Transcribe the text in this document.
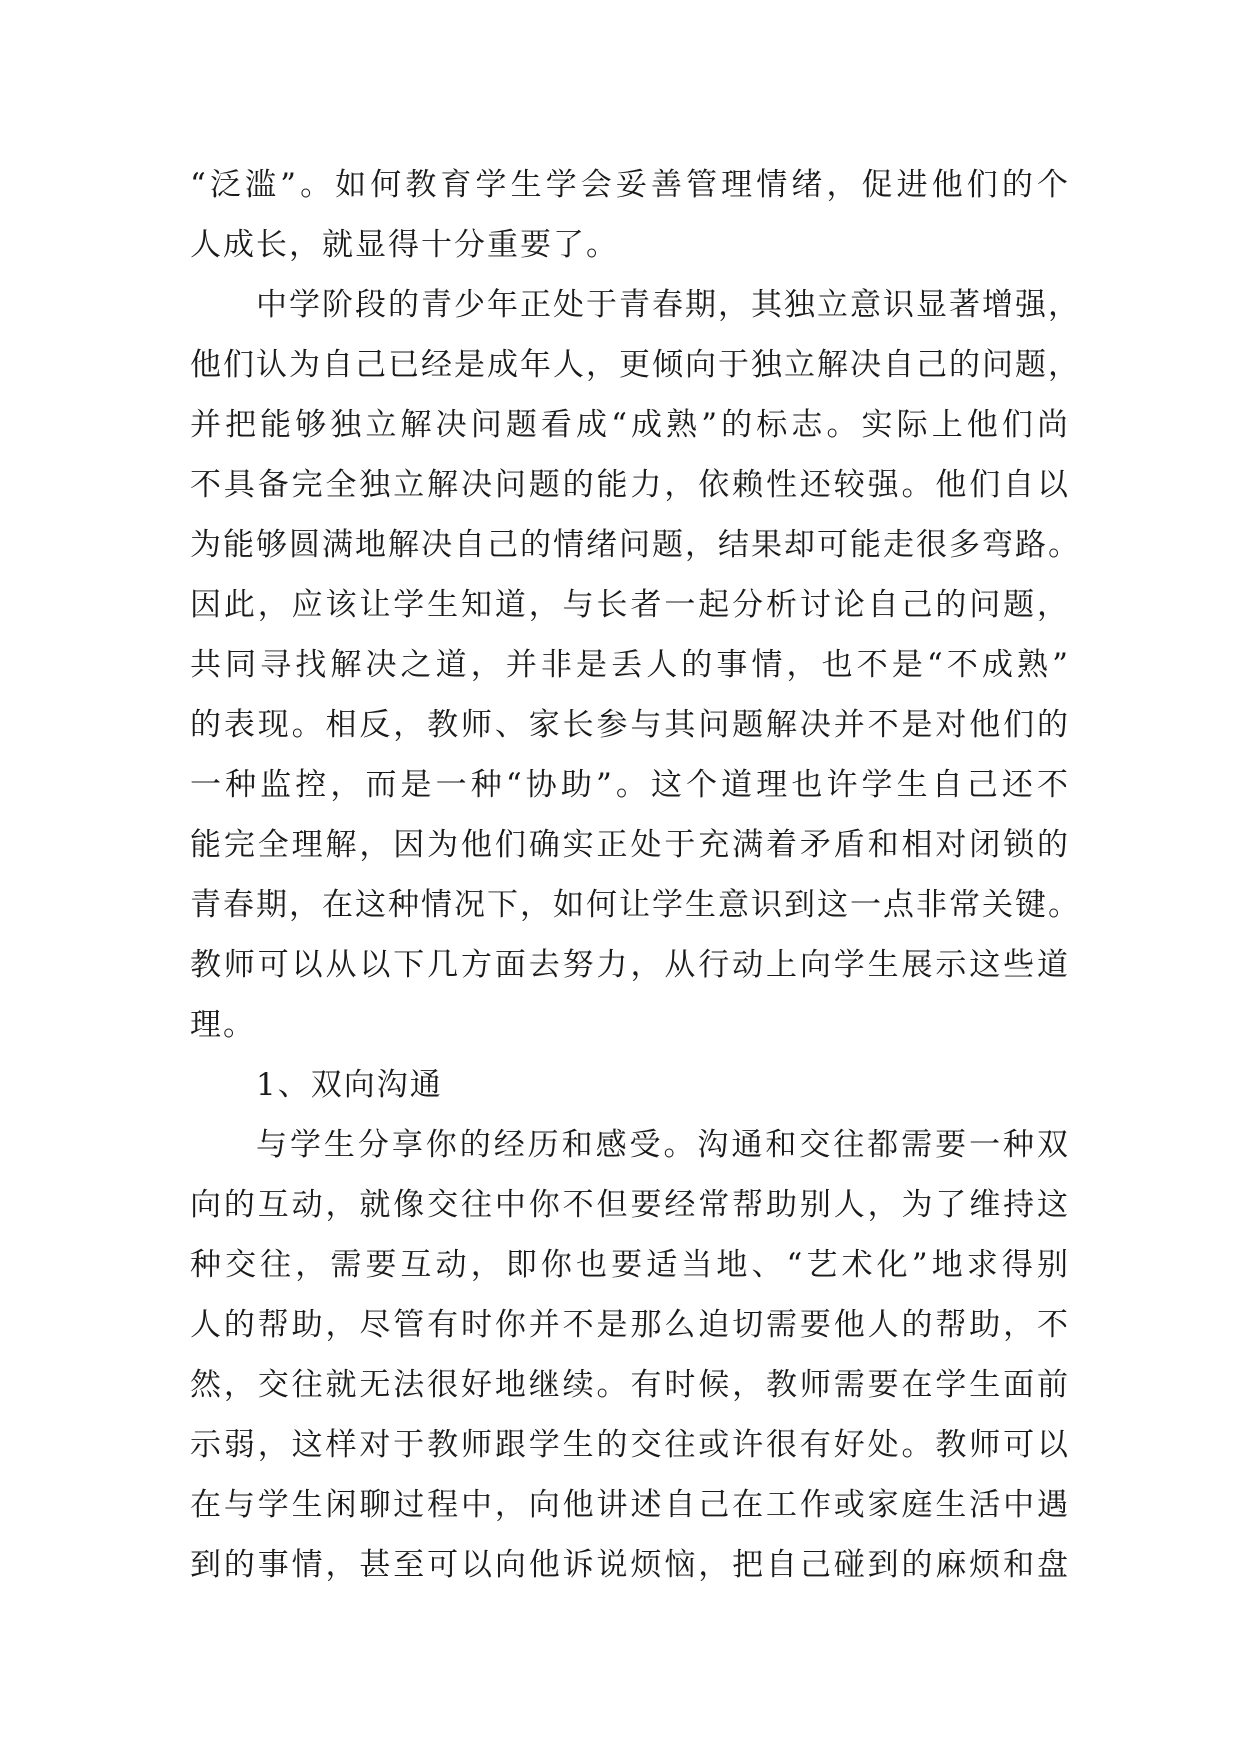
“泛滥”。如何教育学生学会妥善管理情绪，促进他们的个
人成长，就显得十分重要了。
中学阶段的青少年正处于青春期，其独立意识显著增强，
他们认为自己已经是成年人，更倾向于独立解决自己的问题，
并把能够独立解决问题看成“成熟”的标志。实际上他们尚
不具备完全独立解决问题的能力，依赖性还较强。他们自以
为能够圆满地解决自己的情绪问题，结果却可能走很多弯路。
因此，应该让学生知道，与长者一起分析讨论自己的问题，
共同寻找解决之道，并非是丢人的事情，也不是“不成熟”
的表现。相反，教师、家长参与其问题解决并不是对他们的
一种监控，而是一种“协助”。这个道理也许学生自己还不
能完全理解，因为他们确实正处于充满着矛盾和相对闭锁的
青春期，在这种情况下，如何让学生意识到这一点非常关键。
教师可以从以下几方面去努力，从行动上向学生展示这些道
理。
1、双向沟通
与学生分享你的经历和感受。沟通和交往都需要一种双
向的互动，就像交往中你不但要经常帮助别人，为了维持这
种交往，需要互动，即你也要适当地、“艺术化”地求得别
人的帮助，尽管有时你并不是那么迫切需要他人的帮助，不
然，交往就无法很好地继续。有时候，教师需要在学生面前
示弱，这样对于教师跟学生的交往或许很有好处。教师可以
在与学生闲聊过程中，向他讲述自己在工作或家庭生活中遇
到的事情，甚至可以向他诉说烦恼，把自己碰到的麻烦和盘
